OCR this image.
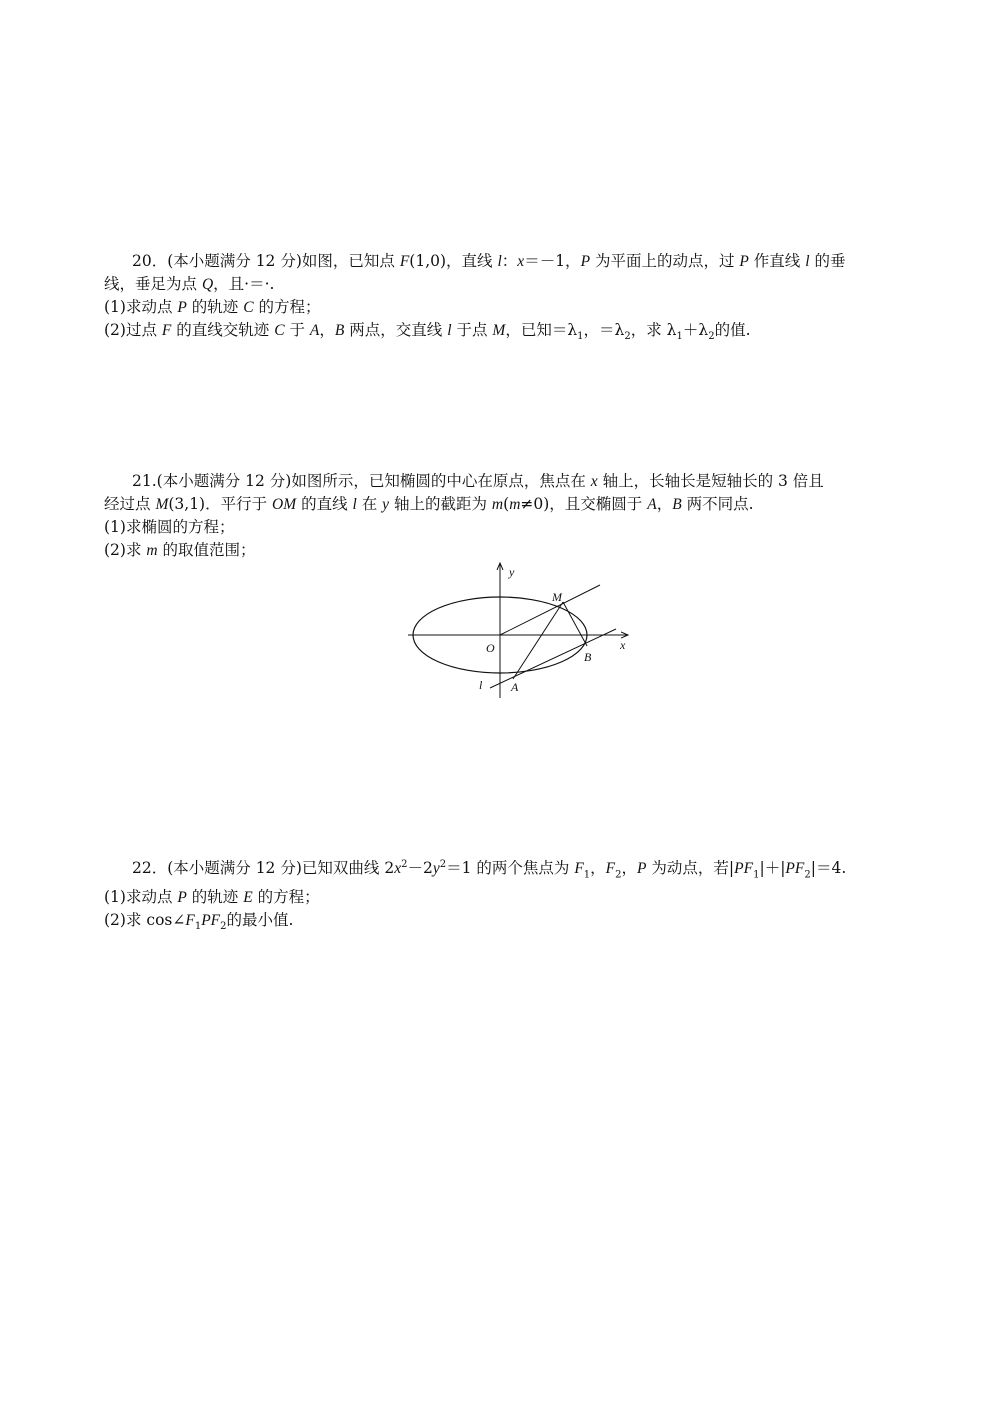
20．(本小题满分 12 分)如图，已知点 F(1,0)，直线 l：x＝－1，P 为平面上的动点，过 P 作直线 l 的垂
线，垂足为点 Q，且·＝·.
(1)求动点 P 的轨迹 C 的方程；
(2)过点 F 的直线交轨迹 C 于 A，B 两点，交直线 l 于点 M，已知$=\lambda_1$，$=\lambda_2$，求 $\lambda_1+\lambda_2$的值.
21.(本小题满分 12 分)如图所示，已知椭圆的中心在原点，焦点在 x 轴上，长轴长是短轴长的 3 倍且
经过点 M(3,1)．平行于 OM 的直线 l 在 y 轴上的截距为 m(m≠0)，且交椭圆于 A，B 两不同点.
(1)求椭圆的方程；
(2)求 m 的取值范围；
y
x
O
M
B
A
l
22．(本小题满分 12 分)已知双曲线 $2x^2-2y^2=1$ 的两个焦点为 $F_1$，$F_2$，P 为动点，若$|PF_1|+|PF_2|=4$.
(1)求动点 P 的轨迹 E 的方程；
(2)求 $\cos\angle F_1PF_2$的最小值.
